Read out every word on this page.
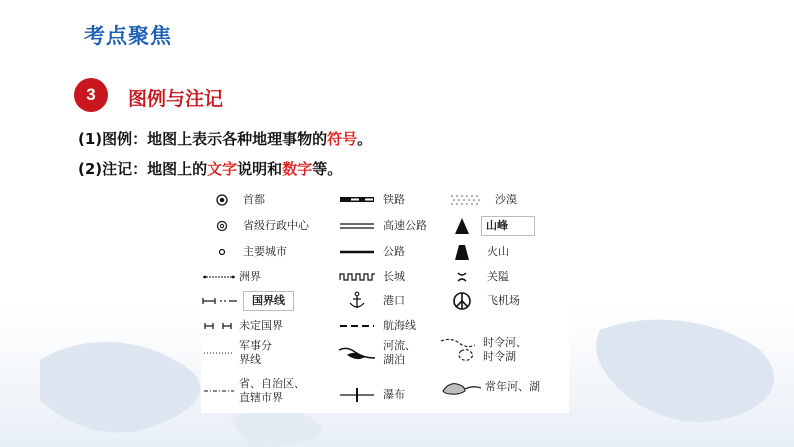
考点聚焦
3	图例与注记
(1)图例：地图上表示各种地理事物的符号。
(2)注记：地图上的文字说明和数字等。
首都
省级行政中心
主要城市
洲界
国界线
未定国界
军事分
界线
省、自治区、
直辖市界
铁路
高速公路
公路
长城
港口
航海线
河流、
湖泊
瀑布
沙漠
山峰
火山
关隘
飞机场
时令河、
时令湖
常年河、湖
